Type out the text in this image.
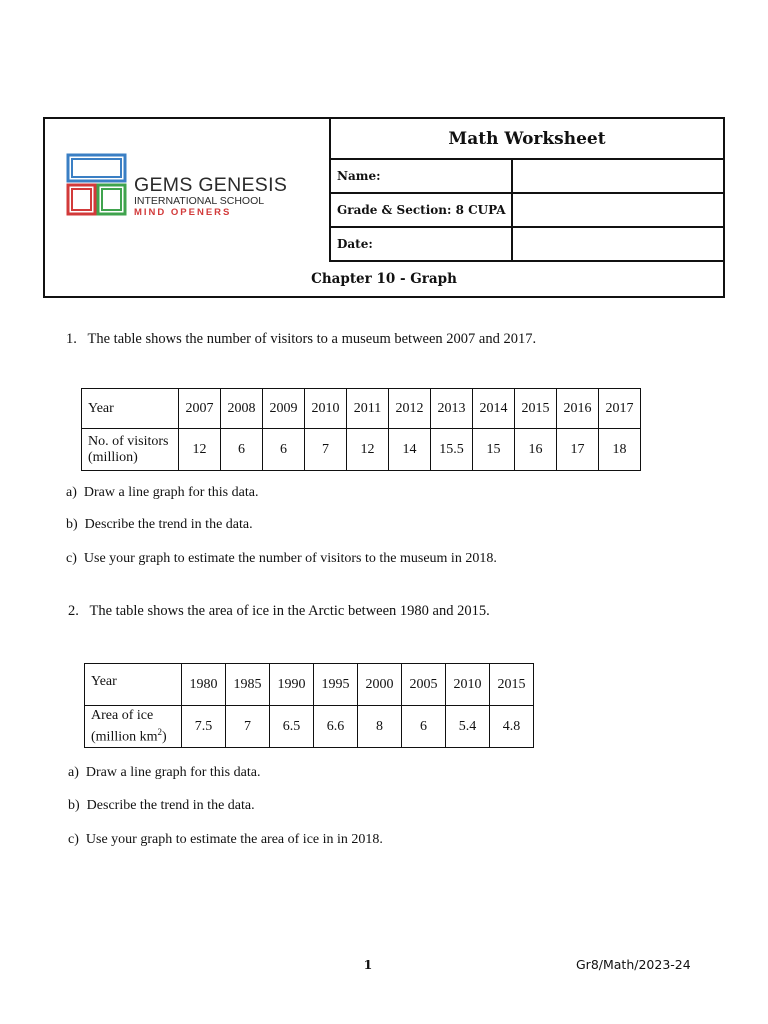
GEMS GENESIS
INTERNATIONAL SCHOOL
MIND OPENERS
Math Worksheet
Name:
Grade & Section: 8 CUPA
Date:
Chapter 10 - Graph
1. The table shows the number of visitors to a museum between 2007 and 2017.
Year	2007	2008	2009	2010	2011	2012	2013	2014	2015	2016	2017
No. of visitors
(million)	12	6	6	7	12	14	15.5	15	16	17	18
a) Draw a line graph for this data.
b) Describe the trend in the data.
c) Use your graph to estimate the number of visitors to the museum in 2018.
2. The table shows the area of ice in the Arctic between 1980 and 2015.
Year	1980	1985	1990	1995	2000	2005	2010	2015
Area of ice
(million $km^2$)	7.5	7	6.5	6.6	8	6	5.4	4.8
a) Draw a line graph for this data.
b) Describe the trend in the data.
c) Use your graph to estimate the area of ice in in 2018.
1	Gr8/Math/2023-24
